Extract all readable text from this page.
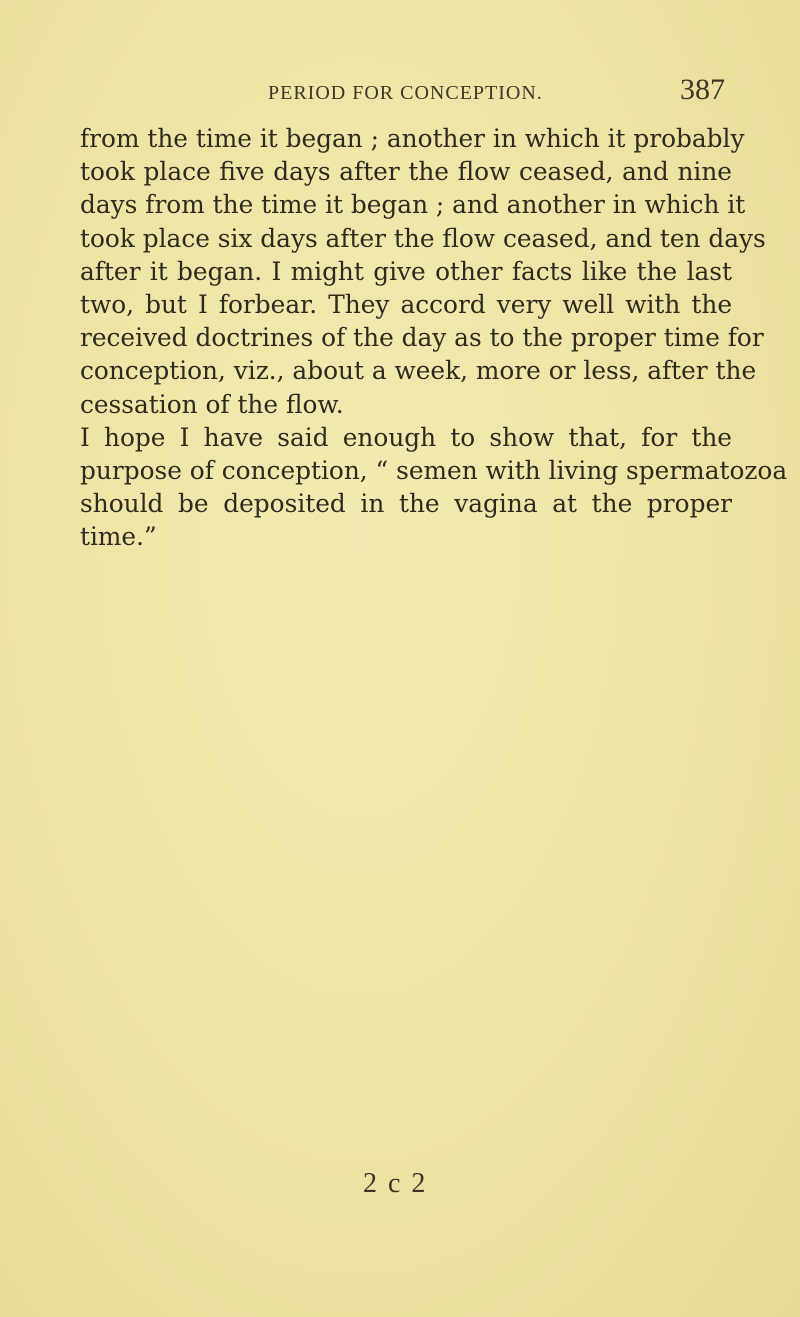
PERIOD FOR CONCEPTION.	387
from the time it began ; another in which it probably
took place five days after the flow ceased, and nine
days from the time it began ; and another in which it
took place six days after the flow ceased, and ten days
after it began. I might give other facts like the last
two, but I forbear. They accord very well with the
received doctrines of the day as to the proper time for
conception, viz., about a week, more or less, after the
cessation of the flow.
I hope I have said enough to show that, for the
purpose of conception, “ semen with living spermatozoa
should be deposited in the vagina at the proper
time.”
2 c 2
